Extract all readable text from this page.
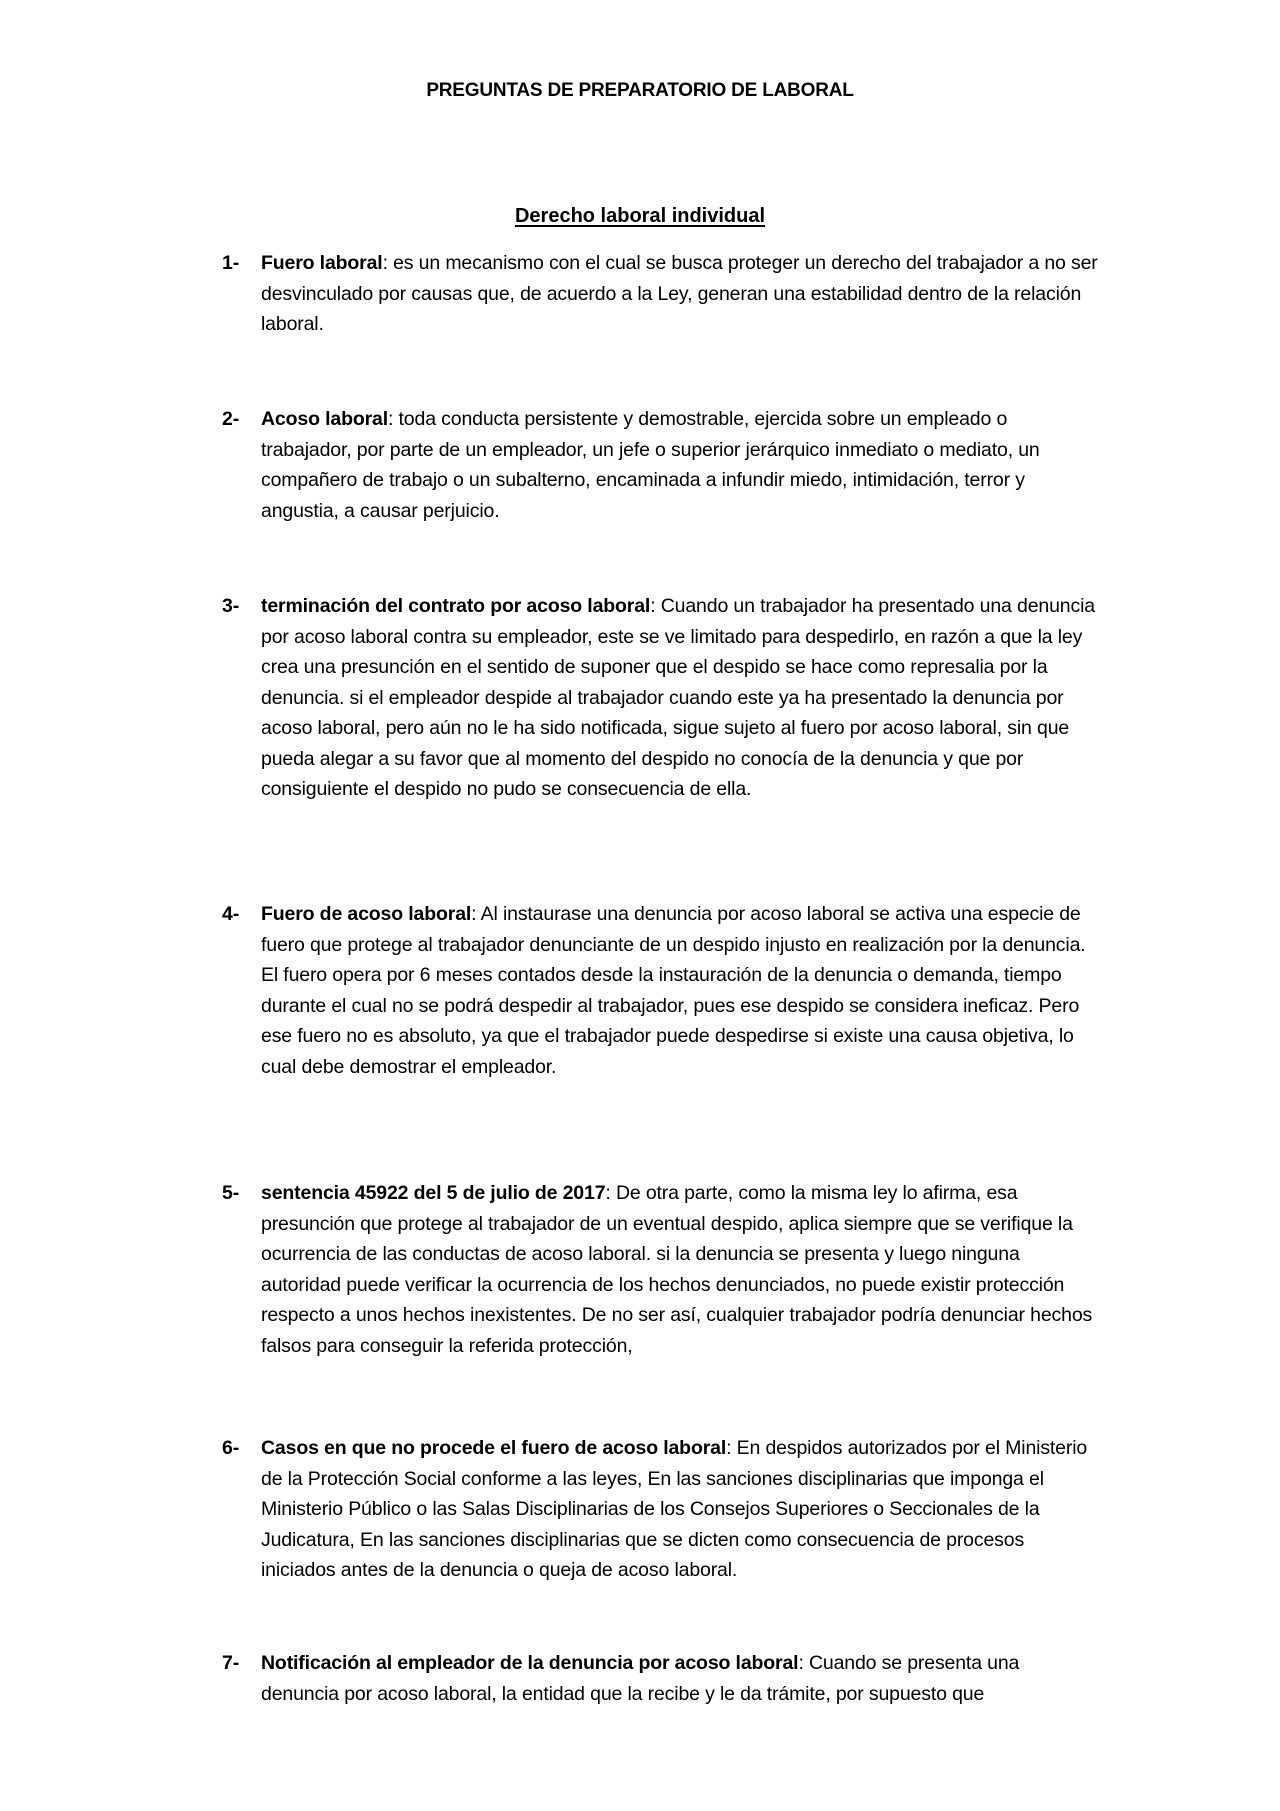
PREGUNTAS DE PREPARATORIO DE LABORAL
Derecho laboral individual
1- Fuero laboral: es un mecanismo con el cual se busca proteger un derecho del trabajador a no ser desvinculado por causas que, de acuerdo a la Ley, generan una estabilidad dentro de la relación laboral.
2- Acoso laboral: toda conducta persistente y demostrable, ejercida sobre un empleado o trabajador, por parte de un empleador, un jefe o superior jerárquico inmediato o mediato, un compañero de trabajo o un subalterno, encaminada a infundir miedo, intimidación, terror y angustia, a causar perjuicio.
3- terminación del contrato por acoso laboral: Cuando un trabajador ha presentado una denuncia por acoso laboral contra su empleador, este se ve limitado para despedirlo, en razón a que la ley crea una presunción en el sentido de suponer que el despido se hace como represalia por la denuncia. si el empleador despide al trabajador cuando este ya ha presentado la denuncia por acoso laboral, pero aún no le ha sido notificada, sigue sujeto al fuero por acoso laboral, sin que pueda alegar a su favor que al momento del despido no conocía de la denuncia y que por consiguiente el despido no pudo se consecuencia de ella.
4- Fuero de acoso laboral: Al instaurase una denuncia por acoso laboral se activa una especie de fuero que protege al trabajador denunciante de un despido injusto en realización por la denuncia. El fuero opera por 6 meses contados desde la instauración de la denuncia o demanda, tiempo durante el cual no se podrá despedir al trabajador, pues ese despido se considera ineficaz. Pero ese fuero no es absoluto, ya que el trabajador puede despedirse si existe una causa objetiva, lo cual debe demostrar el empleador.
5- sentencia 45922 del 5 de julio de 2017: De otra parte, como la misma ley lo afirma, esa presunción que protege al trabajador de un eventual despido, aplica siempre que se verifique la ocurrencia de las conductas de acoso laboral. si la denuncia se presenta y luego ninguna autoridad puede verificar la ocurrencia de los hechos denunciados, no puede existir protección respecto a unos hechos inexistentes. De no ser así, cualquier trabajador podría denunciar hechos falsos para conseguir la referida protección,
6- Casos en que no procede el fuero de acoso laboral: En despidos autorizados por el Ministerio de la Protección Social conforme a las leyes, En las sanciones disciplinarias que imponga el Ministerio Público o las Salas Disciplinarias de los Consejos Superiores o Seccionales de la Judicatura, En las sanciones disciplinarias que se dicten como consecuencia de procesos iniciados antes de la denuncia o queja de acoso laboral.
7- Notificación al empleador de la denuncia por acoso laboral: Cuando se presenta una denuncia por acoso laboral, la entidad que la recibe y le da trámite, por supuesto que
